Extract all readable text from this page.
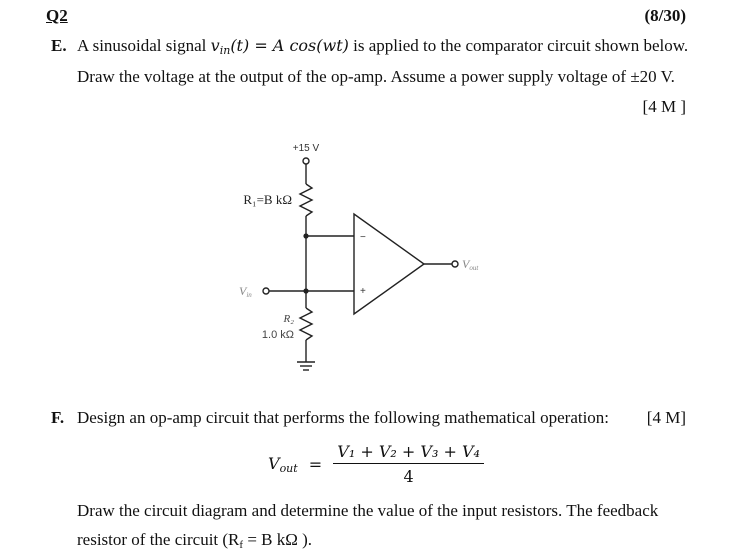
Q2	(8/30)
E. A sinusoidal signal $v_{in}(t) = A$ cos(wt) is applied to the comparator circuit shown below.
Draw the voltage at the output of the op-amp. Assume a power supply voltage of ±20 V.
[4 M ]
+15 V
R₁=B kΩ
R₂
1.0 kΩ
Vin
Vout
−
+
F. Design an op-amp circuit that performs the following mathematical operation: [4 M]
$V_{out} = \frac{\text{V₁ + V₂ + V₃ + V₄}}{4}$
Draw the circuit diagram and determine the value of the input resistors. The feedback
resistor of the circuit ($R_f = B$ kΩ ).
